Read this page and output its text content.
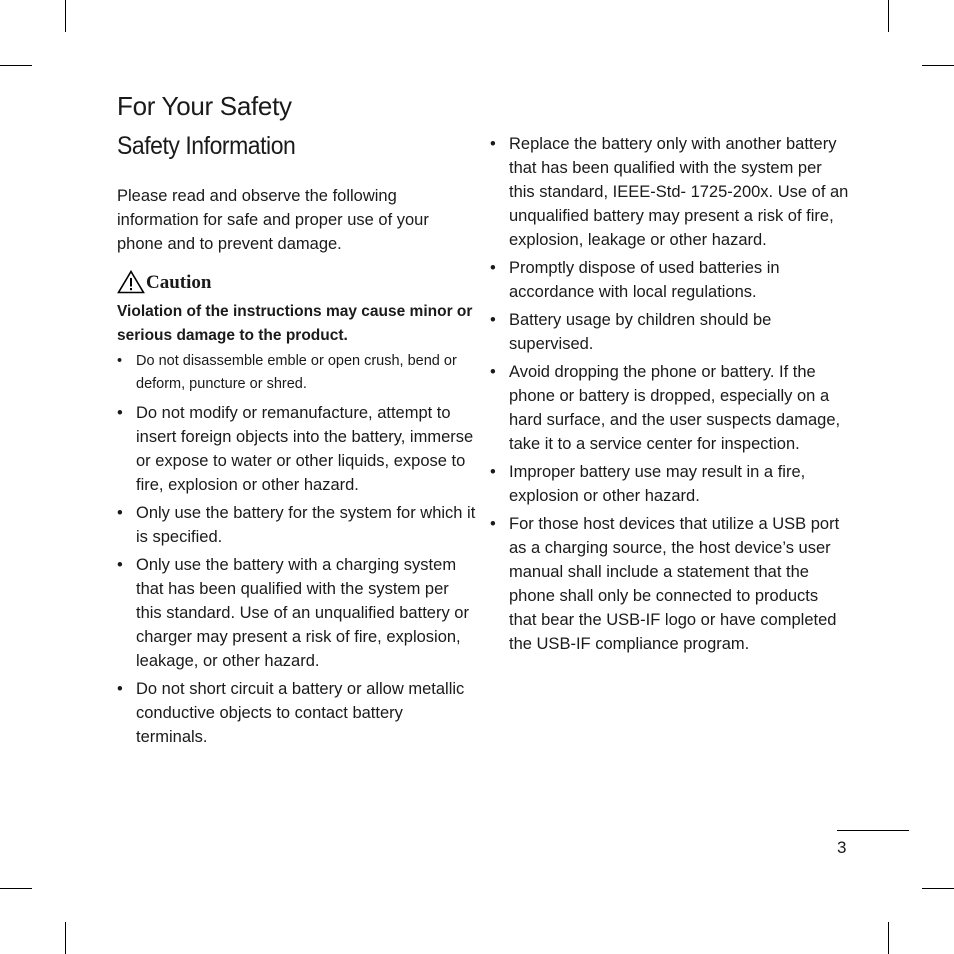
For Your Safety
Safety Information

Please read and observe the following information for safe and proper use of your phone and to prevent damage.

Caution

Violation of the instructions may cause minor or serious damage to the product.

• Do not disassemble emble or open crush, bend or deform, puncture or shred.
• Do not modify or remanufacture, attempt to insert foreign objects into the battery, immerse or expose to water or other liquids, expose to fire, explosion or other hazard.
• Only use the battery for the system for which it is specified.
• Only use the battery with a charging system that has been qualified with the system per this standard. Use of an unqualified battery or charger may present a risk of fire, explosion, leakage, or other hazard.
• Do not short circuit a battery or allow metallic conductive objects to contact battery terminals.
• Replace the battery only with another battery that has been qualified with the system per this standard, IEEE-Std- 1725-200x. Use of an unqualified battery may present a risk of fire, explosion, leakage or other hazard.
• Promptly dispose of used batteries in accordance with local regulations.
• Battery usage by children should be supervised.
• Avoid dropping the phone or battery. If the phone or battery is dropped, especially on a hard surface, and the user suspects damage, take it to a service center for inspection.
• Improper battery use may result in a fire, explosion or other hazard.
• For those host devices that utilize a USB port as a charging source, the host device’s user manual shall include a statement that the phone shall only be connected to products that bear the USB-IF logo or have completed the USB-IF compliance program.
3
